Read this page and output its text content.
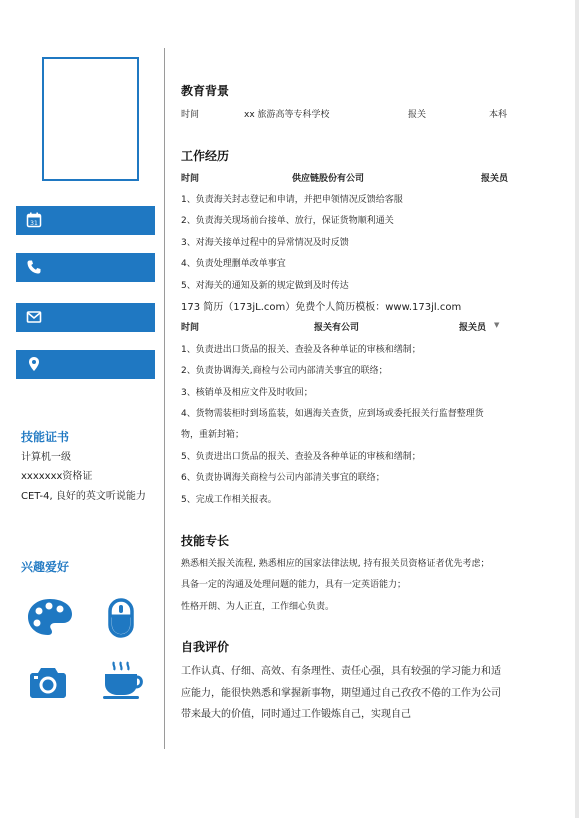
31
技能证书
计算机一级
xxxxxxx资格证
CET-4, 良好的英文听说能力
兴趣爱好
教育背景
时间	xx 旅游高等专科学校	报关	本科
工作经历
时间	供应链股份有公司	报关员
1、负责海关封志登记和申请，并把申领情况反馈给客服
2、负责海关现场前台接单、放行，保证货物顺利通关
3、对海关接单过程中的异常情况及时反馈
4、负责处理删单改单事宜
5、对海关的通知及新的规定做到及时传达
173 简历（173jL.com）免费个人简历模板：www.173jl.com
时间	报关有公司	报关员 ▼
1、负责进出口货品的报关、查验及各种单证的审核和缮制；
2、负责协调海关,商检与公司内部清关事宜的联络；
3、核销单及相应文件及时收回；
4、货物需装柜时到场监装，如遇海关查货，应到场或委托报关行监督整理货
物，重新封箱；
5、负责进出口货品的报关、查验及各种单证的审核和缮制；
6、负责协调海关商检与公司内部清关事宜的联络；
5、完成工作相关报表。
技能专长
熟悉相关报关流程, 熟悉相应的国家法律法规, 持有报关员资格证者优先考虑；
具备一定的沟通及处理问题的能力，具有一定英语能力；
性格开朗、为人正直，工作细心负责。
自我评价
工作认真、仔细、高效、有条理性、责任心强，具有较强的学习能力和适
应能力，能很快熟悉和掌握新事物，期望通过自己孜孜不倦的工作为公司
带来最大的价值，同时通过工作锻炼自己，实现自己
